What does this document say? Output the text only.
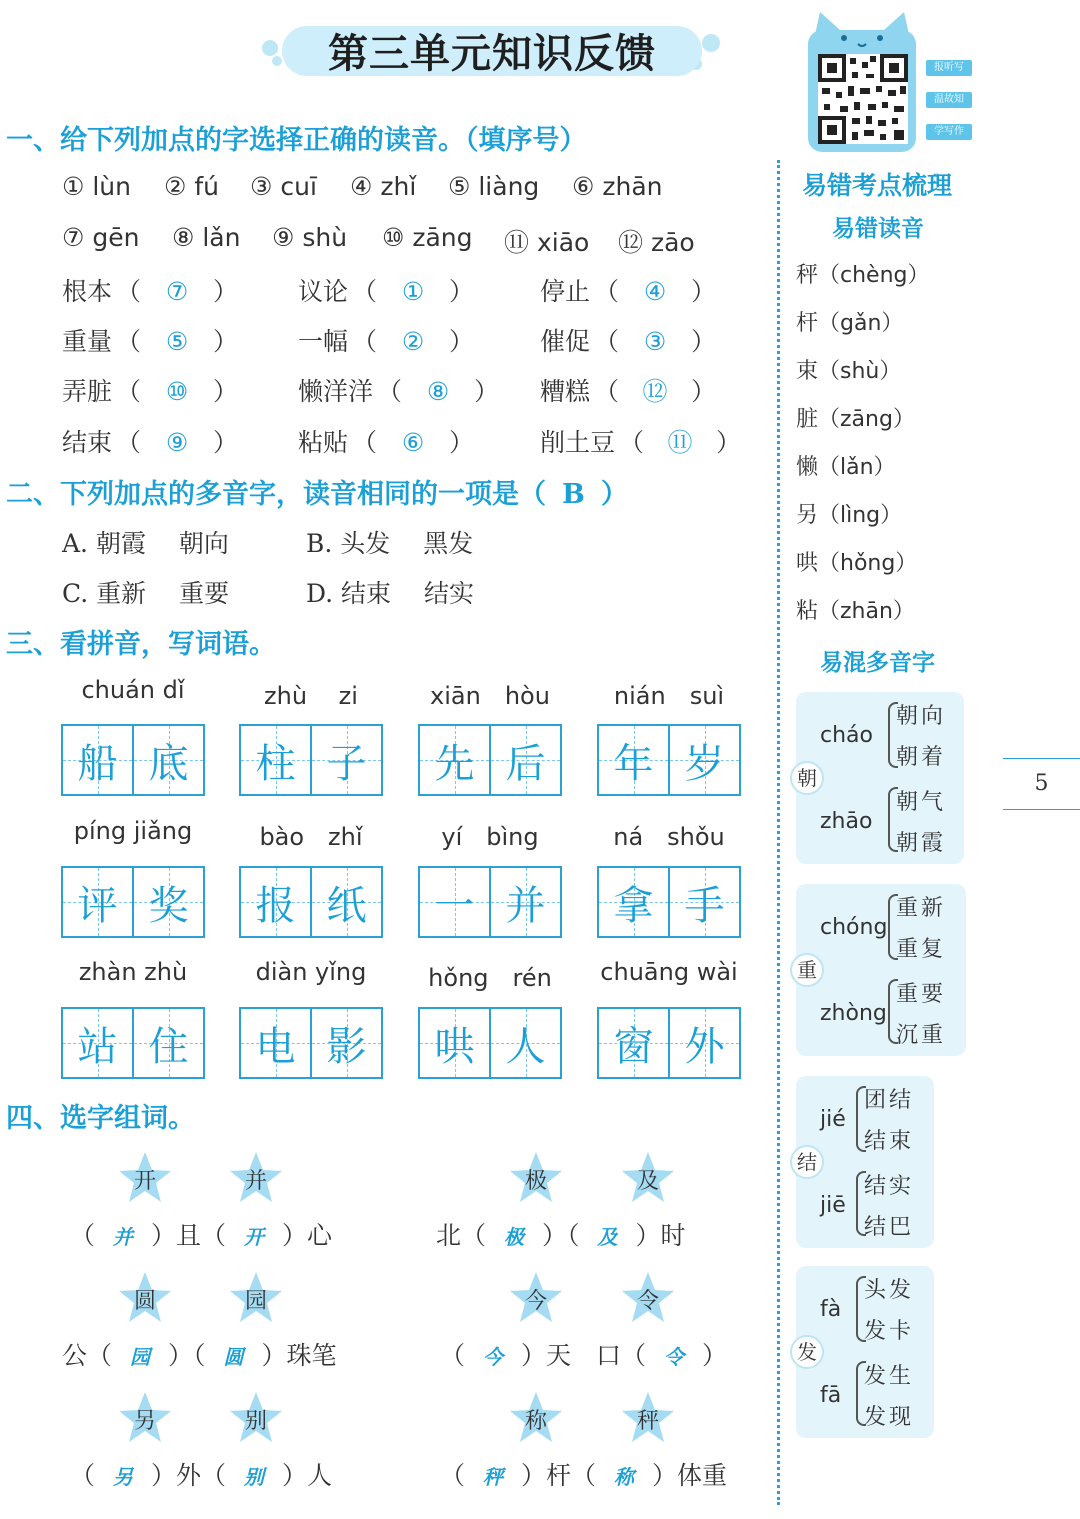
第三单元知识反馈
一、给下列加点的字选择正确的读音。（填序号）
① lùn ② fú ③ cuī ④ zhǐ ⑤ liàng ⑥ zhān
⑦ gēn ⑧ lǎn ⑨ shù ⑩ zāng ⑪ xiāo ⑫ zāo
根本 （ ⑦ ） 议论 （ ① ）	停止 （ ④ ）
重量 （ ⑤ ） 一幅 （ ② ）	催促 （ ③ ）
弄脏 （ ⑩ ） 懒洋洋 （ ⑧ ） 糟糕 （ ⑫ ）
结束 （ ⑨ ） 粘贴 （ ⑥ ）	削土豆 （ ⑪ ）
二、下列加点的多音字，读音相同的一项是（ B ）
A. 朝霞　 朝向	B. 头发　 黑发
C. 重新　 重要	D. 结束　 结实
三、看拼音，写词语。
chuán dǐ
船 底
zhù 　zi
柱 子
xiān　hòu
先 后
nián　suì
年 岁
píng jiǎng
评 奖
bào　zhǐ
报 纸
yí　bìng
一 并
ná　shǒu
拿 手
zhàn zhù
站 住
diàn yǐng
电 影
hǒng　rén
哄 人
chuāng wài
窗 外
四、选字组词。
开	并
（ 并 ）且（ 开 ）心
极	及
北（ 极 ）（ 及 ）时
圆	园
公（ 园 ）（ 圆 ）珠笔
今	令
（ 今 ）天　口（ 令 ）
另	别
（ 另 ）外（ 别 ）人
称	秤
（ 秤 ）杆（ 称 ）体重
报听写
温故知
学写作
易错考点梳理
易错读音
秤（chèng）
杆（gǎn）
束（shù）
脏（zāng）
懒（lǎn）
另（lìng）
哄（hǒng）
粘（zhān）
易混多音字
朝
cháo
zhāo
朝向
朝着
朝气
朝霞
重
chóng
zhòng
重新
重复
重要
沉重
结
jié
jiē
团结
结束
结实
结巴
发
fà
fā
头发
发卡
发生
发现
5
